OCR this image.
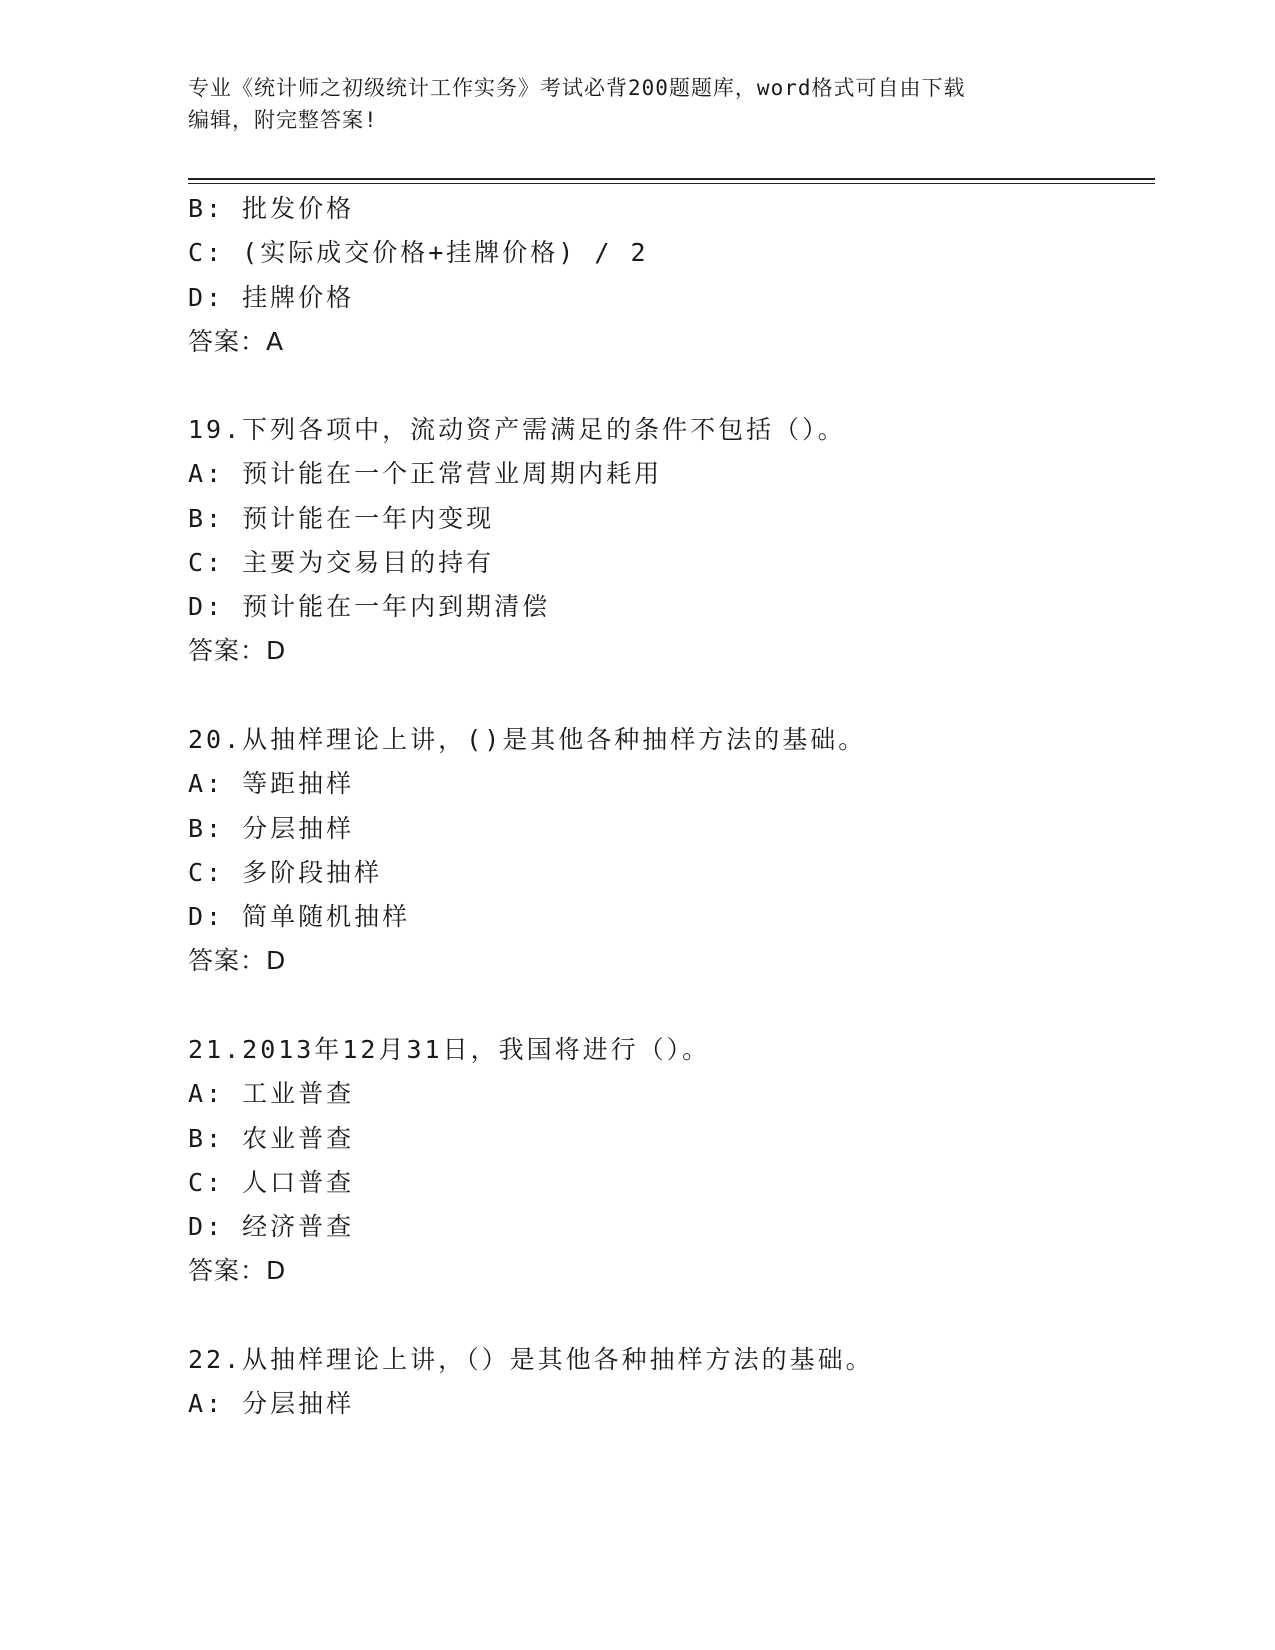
专业《统计师之初级统计工作实务》考试必背200题题库，word格式可自由下载
编辑，附完整答案!
B: 批发价格
C: (实际成交价格+挂牌价格) / 2
D: 挂牌价格
答案：A
19.下列各项中，流动资产需满足的条件不包括（）。
A: 预计能在一个正常营业周期内耗用
B: 预计能在一年内变现
C: 主要为交易目的持有
D: 预计能在一年内到期清偿
答案：D
20.从抽样理论上讲，()是其他各种抽样方法的基础。
A: 等距抽样
B: 分层抽样
C: 多阶段抽样
D: 简单随机抽样
答案：D
21.2013年12月31日，我国将进行（）。
A: 工业普查
B: 农业普查
C: 人口普查
D: 经济普查
答案：D
22.从抽样理论上讲，（）是其他各种抽样方法的基础。
A: 分层抽样
